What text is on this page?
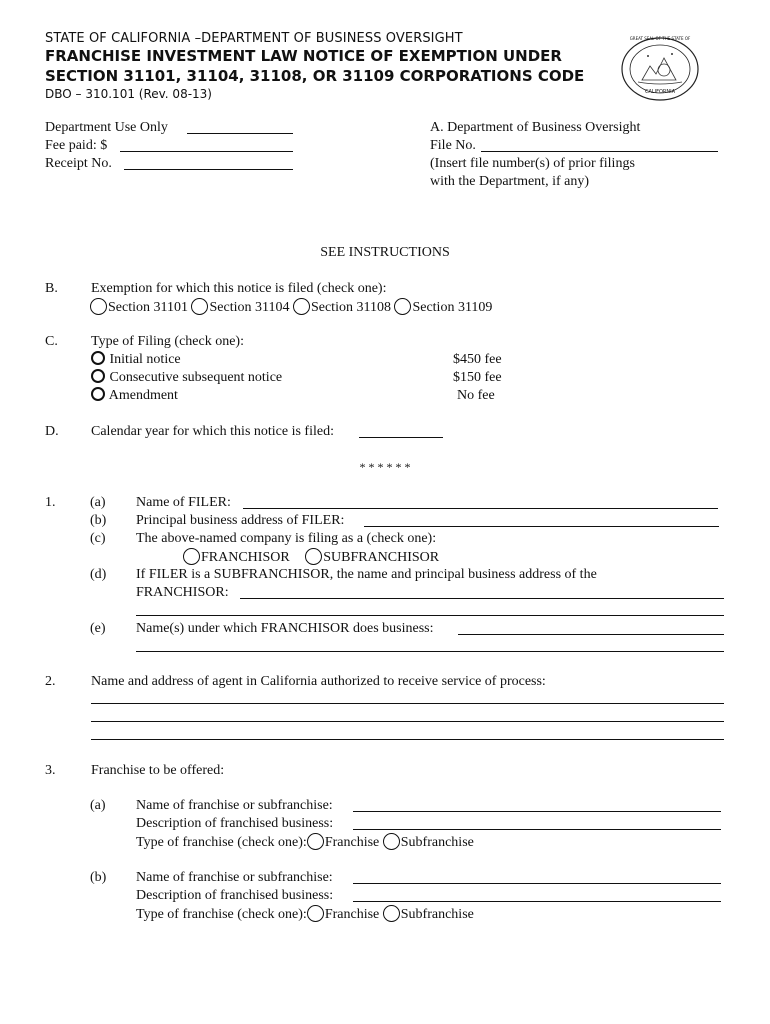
STATE OF CALIFORNIA –DEPARTMENT OF BUSINESS OVERSIGHT
FRANCHISE INVESTMENT LAW NOTICE OF EXEMPTION UNDER
SECTION 31101, 31104, 31108, OR 31109 CORPORATIONS CODE
DBO – 310.101 (Rev. 08-13)
GREAT SEAL OF THE STATE OF
CALIFORNIA
Department Use Only
Fee paid: $
Receipt No.
A. Department of Business Oversight
File No.
(Insert file number(s) of prior filings
with the Department, if any)
SEE INSTRUCTIONS
B. Exemption for which this notice is filed (check one):
Section 31101 Section 31104 Section 31108 Section 31109
C. Type of Filing (check one):
Initial notice	$450 fee
Consecutive subsequent notice	$150 fee
Amendment	No fee
D. Calendar year for which this notice is filed:
* * * * * *
1. (a) Name of FILER:
(b) Principal business address of FILER:
(c) The above-named company is filing as a (check one):
FRANCHISOR SUBFRANCHISOR
(d) If FILER is a SUBFRANCHISOR, the name and principal business address of the
FRANCHISOR:
(e) Name(s) under which FRANCHISOR does business:
2.	Name and address of agent in California authorized to receive service of process:
3.	Franchise to be offered:
(a) Name of franchise or subfranchise:
Description of franchised business:
Type of franchise (check one): Franchise Subfranchise
(b) Name of franchise or subfranchise:
Description of franchised business:
Type of franchise (check one): Franchise Subfranchise
